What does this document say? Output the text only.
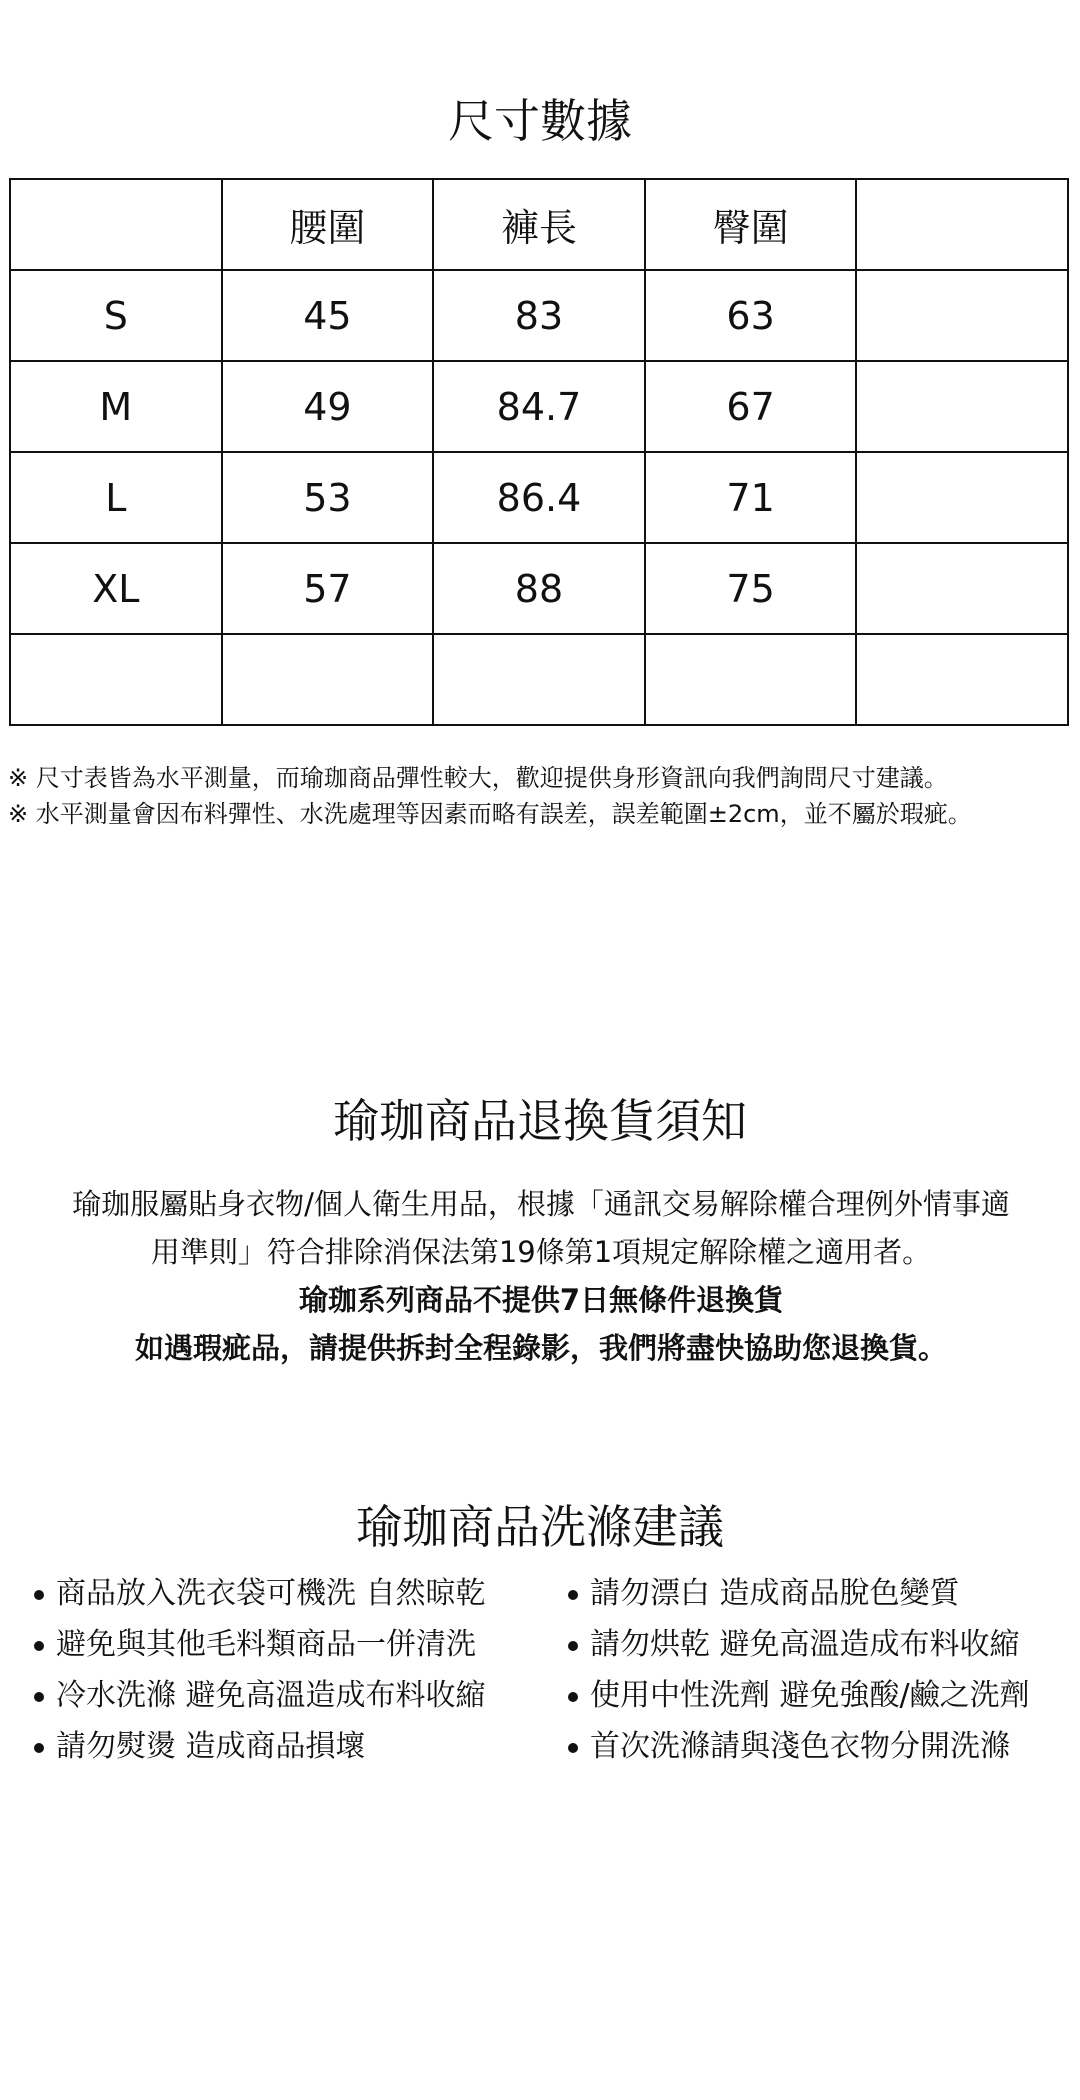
尺寸數據
	腰圍	褲長	臀圍	
S	45	83	63	
M	49	84.7	67	
L	53	86.4	71	
XL	57	88	75	

※ 尺寸表皆為水平測量，而瑜珈商品彈性較大，歡迎提供身形資訊向我們詢問尺寸建議。
※ 水平測量會因布料彈性、水洗處理等因素而略有誤差，誤差範圍±2cm，並不屬於瑕疵。
瑜珈商品退換貨須知
瑜珈服屬貼身衣物/個人衛生用品，根據「通訊交易解除權合理例外情事適
用準則」符合排除消保法第19條第1項規定解除權之適用者。
瑜珈系列商品不提供7日無條件退換貨
如遇瑕疵品，請提供拆封全程錄影，我們將盡快協助您退換貨。
瑜珈商品洗滌建議
商品放入洗衣袋可機洗 自然晾乾
避免與其他毛料類商品一併清洗
冷水洗滌 避免高溫造成布料收縮
請勿熨燙 造成商品損壞
請勿漂白 造成商品脫色變質
請勿烘乾 避免高溫造成布料收縮
使用中性洗劑 避免強酸/鹼之洗劑
首次洗滌請與淺色衣物分開洗滌
